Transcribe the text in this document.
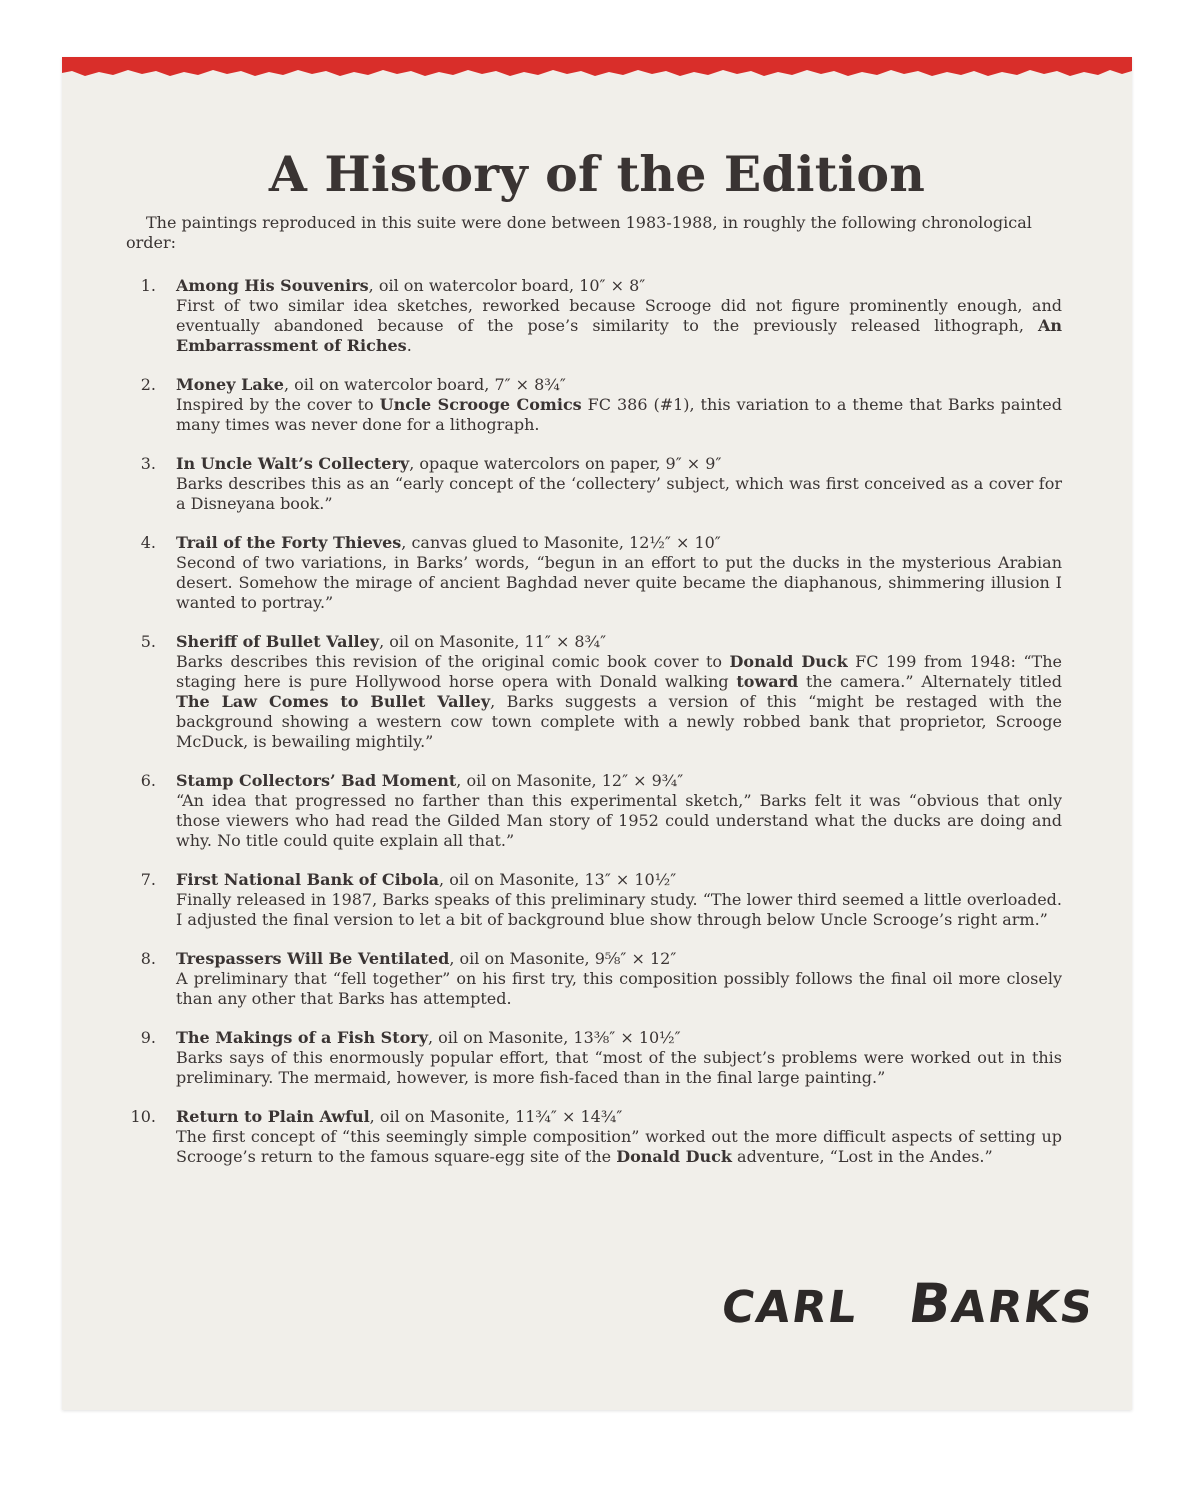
A History of the Edition

The paintings reproduced in this suite were done between 1983-1988, in roughly the following chronological order:

1. Among His Souvenirs, oil on watercolor board, 10″ × 8″
First of two similar idea sketches, reworked because Scrooge did not figure prominently enough, and eventually abandoned because of the pose’s similarity to the previously released lithograph, An Embarrassment of Riches.
2. Money Lake, oil on watercolor board, 7″ × 8¾″
Inspired by the cover to Uncle Scrooge Comics FC 386 (#1), this variation to a theme that Barks painted many times was never done for a lithograph.
3. In Uncle Walt’s Collectery, opaque watercolors on paper, 9″ × 9″
Barks describes this as an “early concept of the ‘collectery’ subject, which was first conceived as a cover for a Disneyana book.”
4. Trail of the Forty Thieves, canvas glued to Masonite, 12½″ × 10″
Second of two variations, in Barks’ words, “begun in an effort to put the ducks in the mysterious Arabian desert. Somehow the mirage of ancient Baghdad never quite became the diaphanous, shimmering illusion I wanted to portray.”
5. Sheriff of Bullet Valley, oil on Masonite, 11″ × 8¾″
Barks describes this revision of the original comic book cover to Donald Duck FC 199 from 1948: “The staging here is pure Hollywood horse opera with Donald walking toward the camera.” Alternately titled The Law Comes to Bullet Valley, Barks suggests a version of this “might be restaged with the background showing a western cow town complete with a newly robbed bank that proprietor, Scrooge McDuck, is bewailing mightily.”
6. Stamp Collectors’ Bad Moment, oil on Masonite, 12″ × 9¾″
“An idea that progressed no farther than this experimental sketch,” Barks felt it was “obvious that only those viewers who had read the Gilded Man story of 1952 could understand what the ducks are doing and why. No title could quite explain all that.”
7. First National Bank of Cibola, oil on Masonite, 13″ × 10½″
Finally released in 1987, Barks speaks of this preliminary study. “The lower third seemed a little overloaded. I adjusted the final version to let a bit of background blue show through below Uncle Scrooge’s right arm.”
8. Trespassers Will Be Ventilated, oil on Masonite, 9⅝″ × 12″
A preliminary that “fell together” on his first try, this composition possibly follows the final oil more closely than any other that Barks has attempted.
9. The Makings of a Fish Story, oil on Masonite, 13⅜″ × 10½″
Barks says of this enormously popular effort, that “most of the subject’s problems were worked out in this preliminary. The mermaid, however, is more fish-faced than in the final large painting.”
10. Return to Plain Awful, oil on Masonite, 11¾″ × 14¾″
The first concept of “this seemingly simple composition” worked out the more difficult aspects of setting up Scrooge’s return to the famous square-egg site of the Donald Duck adventure, “Lost in the Andes.”
CARL BARKS
